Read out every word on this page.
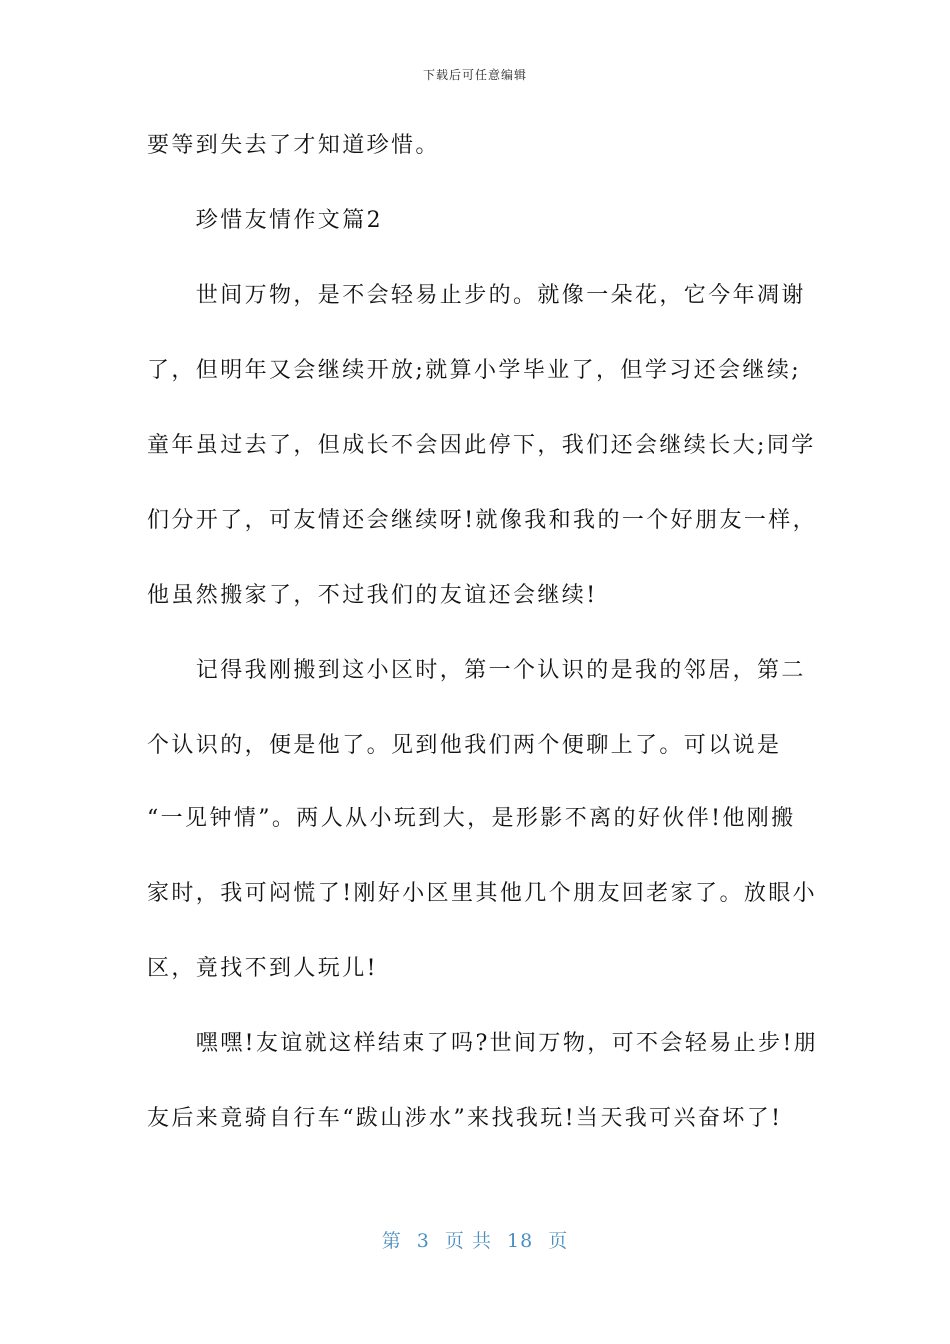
下载后可任意编辑
要等到失去了才知道珍惜。
　　珍惜友情作文篇2
　　世间万物，是不会轻易止步的。就像一朵花，它今年凋谢
了，但明年又会继续开放;就算小学毕业了，但学习还会继续;
童年虽过去了，但成长不会因此停下，我们还会继续长大;同学
们分开了，可友情还会继续呀!就像我和我的一个好朋友一样，
他虽然搬家了，不过我们的友谊还会继续!
　　记得我刚搬到这小区时，第一个认识的是我的邻居，第二
个认识的，便是他了。见到他我们两个便聊上了。可以说是
“一见钟情”。两人从小玩到大，是形影不离的好伙伴!他刚搬
家时，我可闷慌了!刚好小区里其他几个朋友回老家了。放眼小
区，竟找不到人玩儿!
　　嘿嘿!友谊就这样结束了吗?世间万物，可不会轻易止步!朋
友后来竟骑自行车“跋山涉水”来找我玩!当天我可兴奋坏了!
第 3 页 共 18 页
